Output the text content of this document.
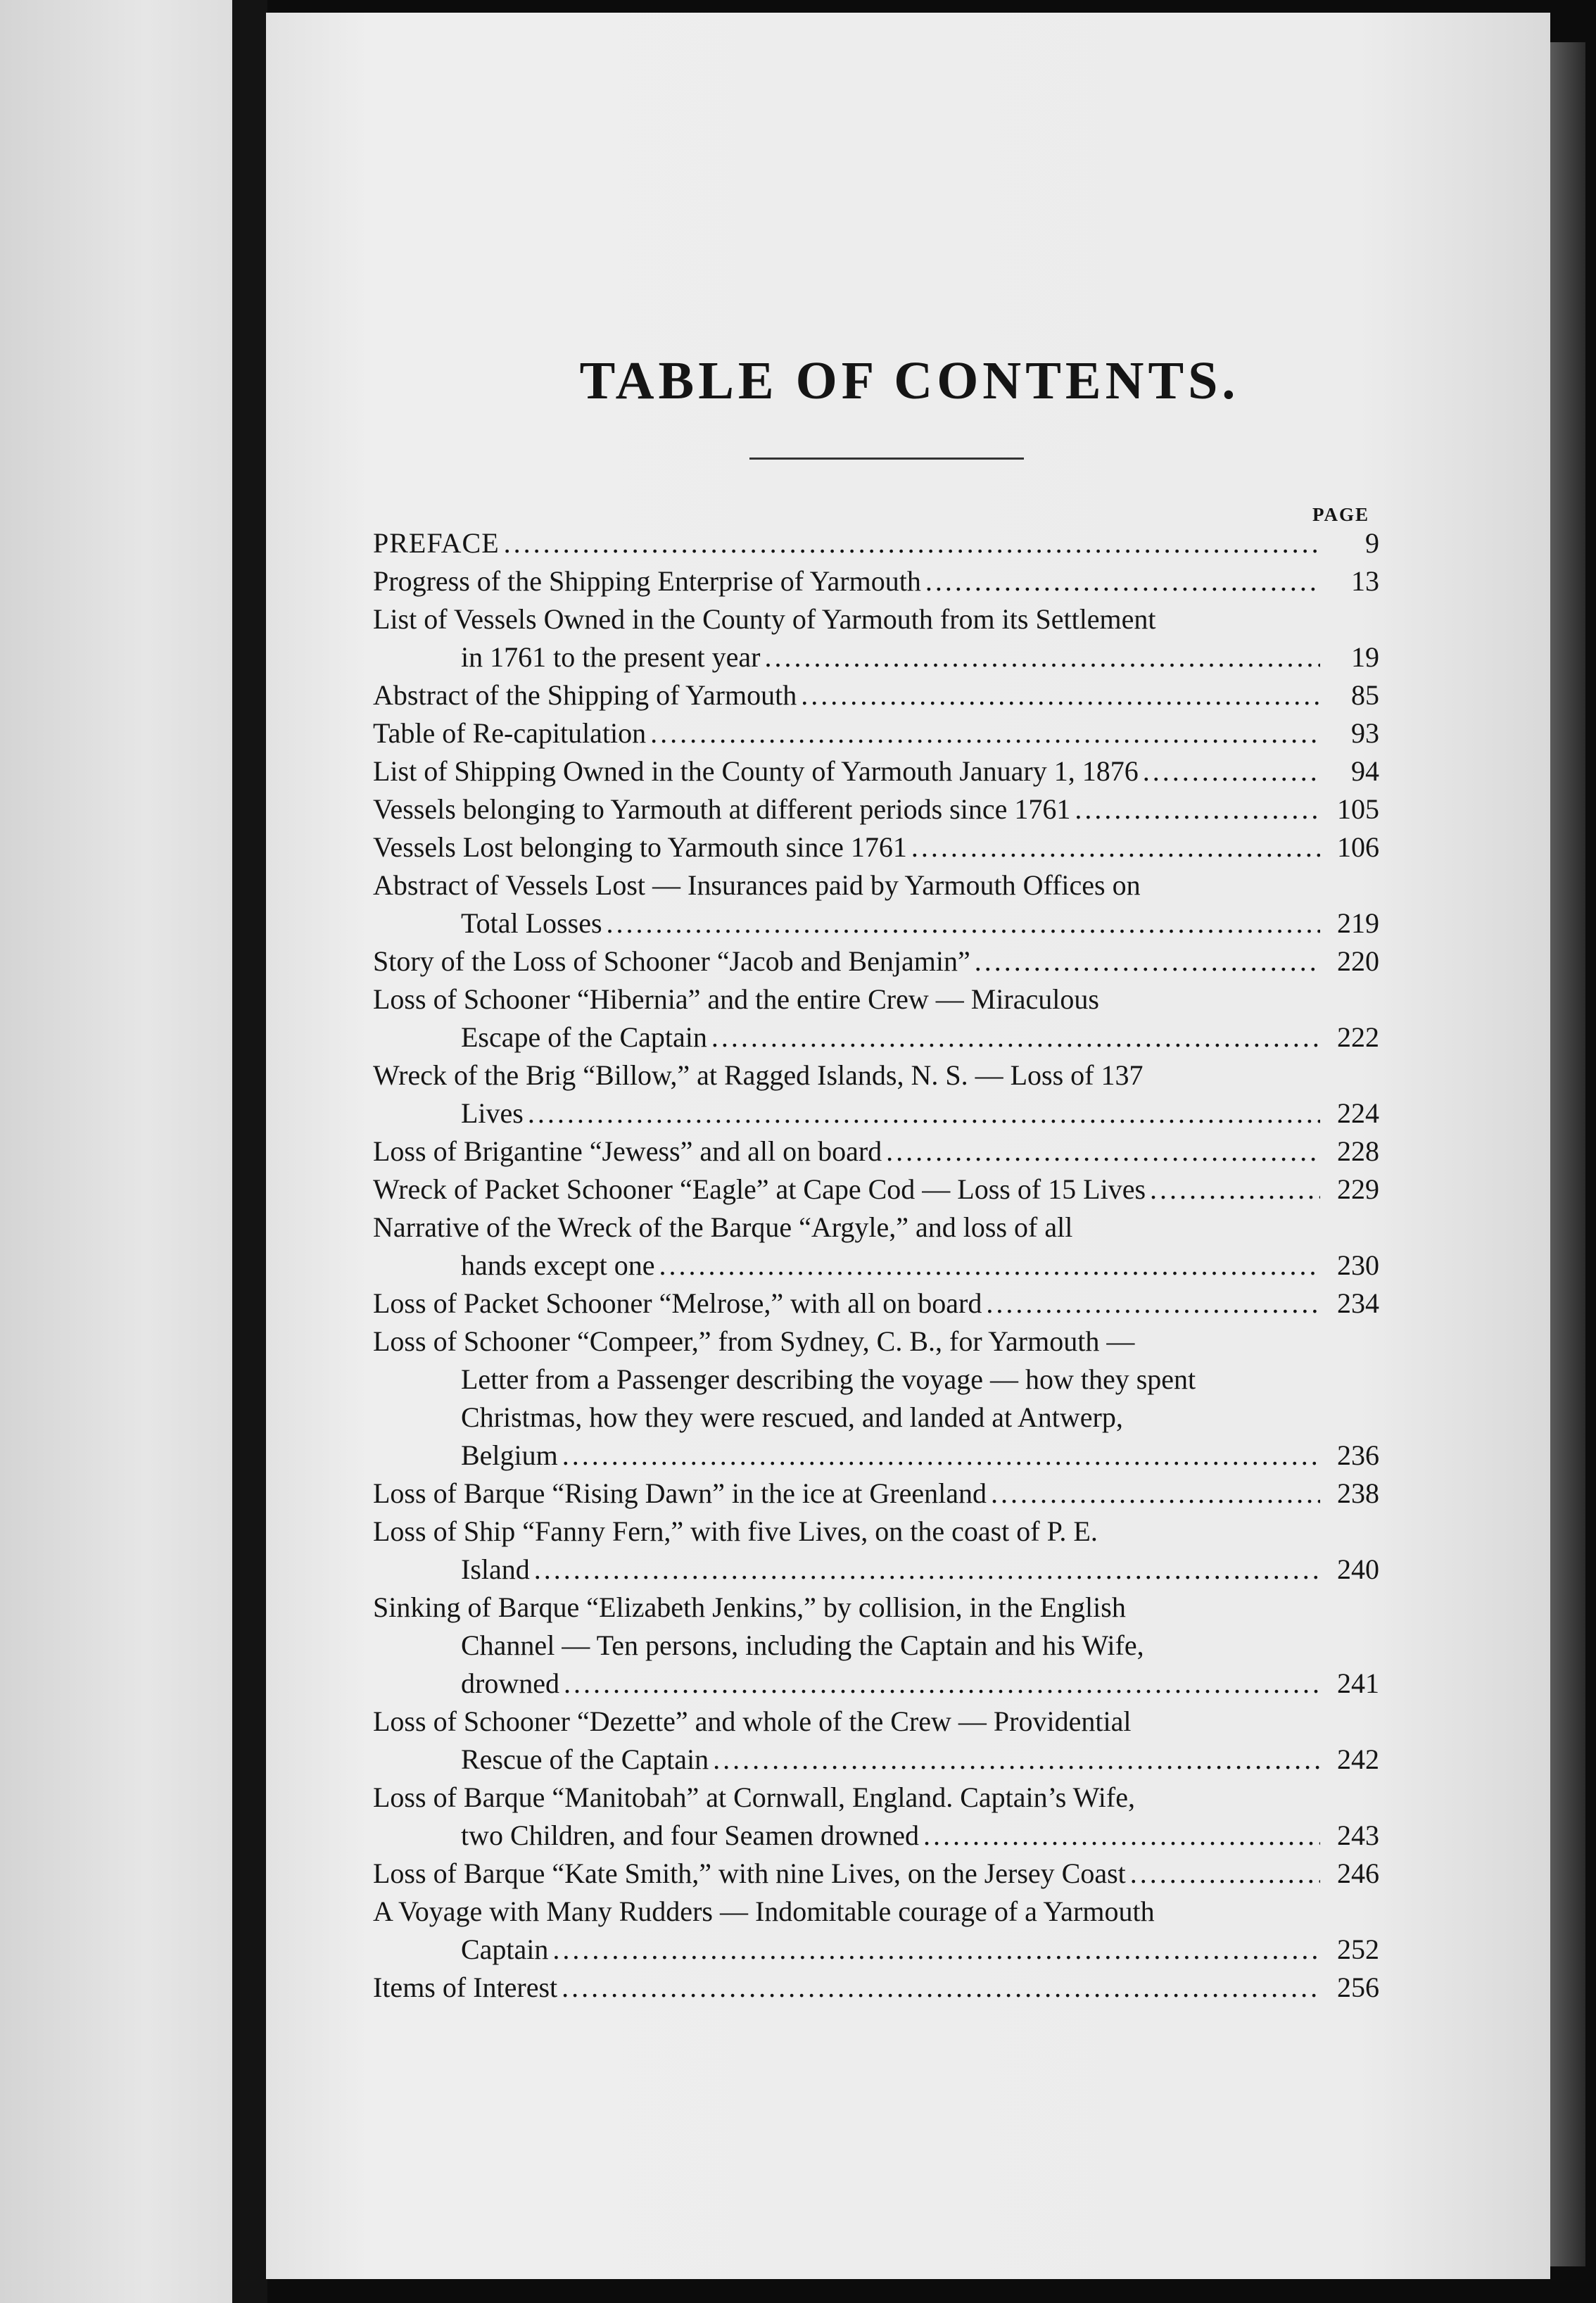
TABLE OF CONTENTS.
PAGE
PREFACE .....	9
Progress of the Shipping Enterprise of Yarmouth .....	13
List of Vessels Owned in the County of Yarmouth from its Settlement
in 1761 to the present year .....	19
Abstract of the Shipping of Yarmouth .....	85
Table of Re-capitulation .....	93
List of Shipping Owned in the County of Yarmouth January 1, 1876 .....	94
Vessels belonging to Yarmouth at different periods since 1761 .....	105
Vessels Lost belonging to Yarmouth since 1761 .....	106
Abstract of Vessels Lost — Insurances paid by Yarmouth Offices on
Total Losses .....	219
Story of the Loss of Schooner “Jacob and Benjamin” .....	220
Loss of Schooner “Hibernia” and the entire Crew — Miraculous
Escape of the Captain .....	222
Wreck of the Brig “Billow,” at Ragged Islands, N. S. — Loss of 137
Lives .....	224
Loss of Brigantine “Jewess” and all on board .....	228
Wreck of Packet Schooner “Eagle” at Cape Cod — Loss of 15 Lives .....	229
Narrative of the Wreck of the Barque “Argyle,” and loss of all
hands except one .....	230
Loss of Packet Schooner “Melrose,” with all on board .....	234
Loss of Schooner “Compeer,” from Sydney, C. B., for Yarmouth —
Letter from a Passenger describing the voyage — how they spent
Christmas, how they were rescued, and landed at Antwerp,
Belgium .....	236
Loss of Barque “Rising Dawn” in the ice at Greenland .....	238
Loss of Ship “Fanny Fern,” with five Lives, on the coast of P. E.
Island .....	240
Sinking of Barque “Elizabeth Jenkins,” by collision, in the English
Channel — Ten persons, including the Captain and his Wife,
drowned .....	241
Loss of Schooner “Dezette” and whole of the Crew — Providential
Rescue of the Captain .....	242
Loss of Barque “Manitobah” at Cornwall, England. Captain’s Wife,
two Children, and four Seamen drowned .....	243
Loss of Barque “Kate Smith,” with nine Lives, on the Jersey Coast .....	246
A Voyage with Many Rudders — Indomitable courage of a Yarmouth
Captain .....	252
Items of Interest .....	256
